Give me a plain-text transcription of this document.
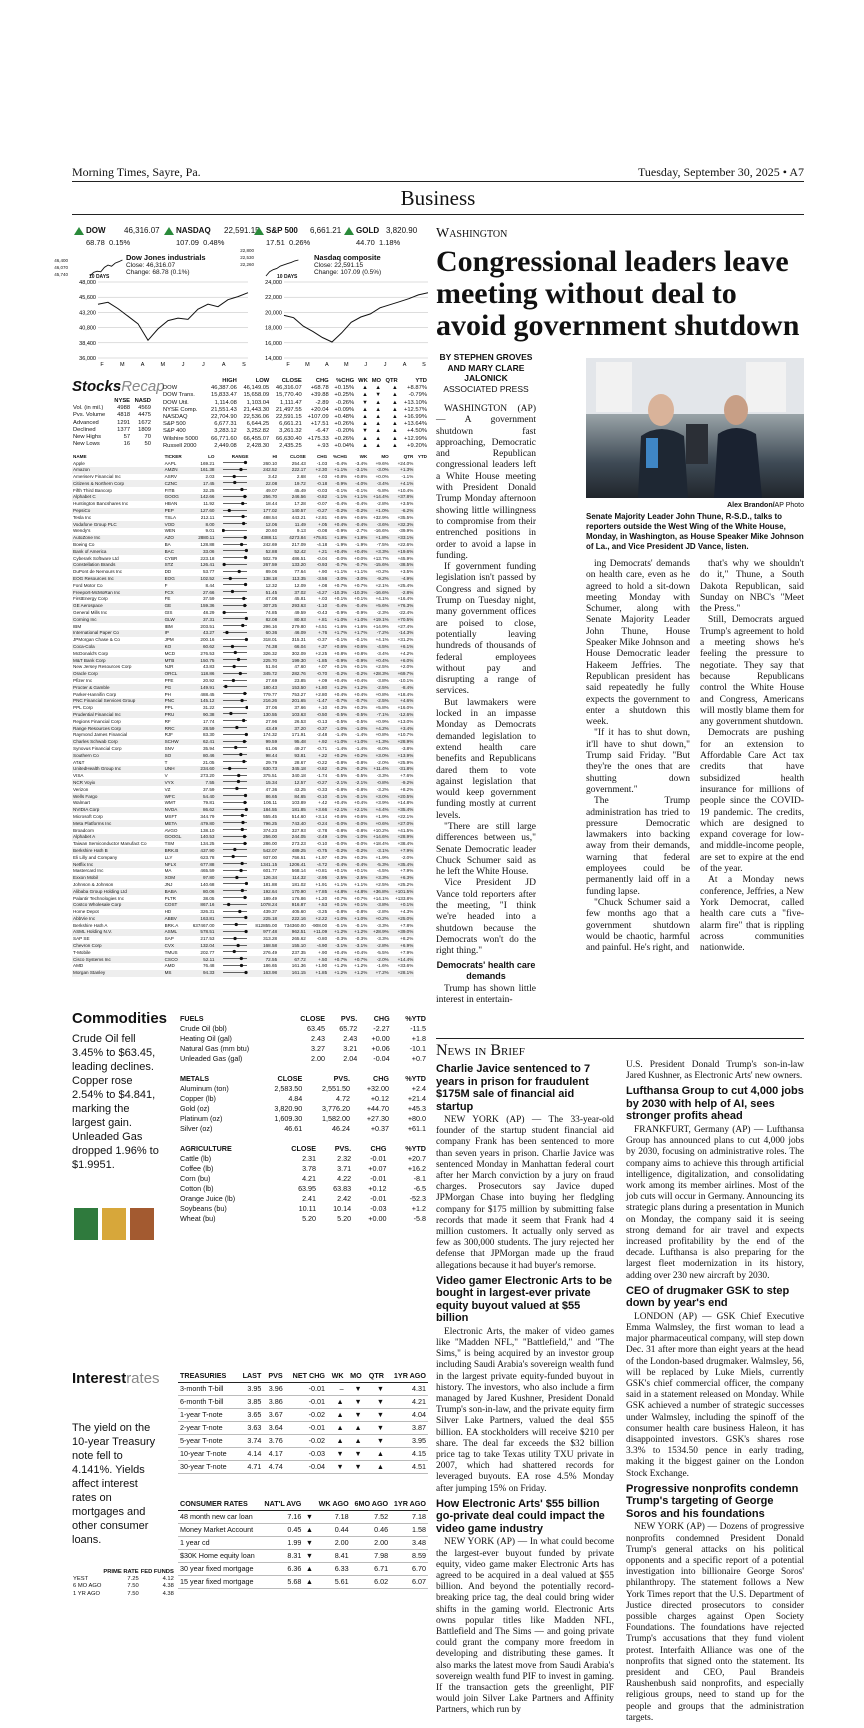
Morning Times, Sayre, Pa.	Tuesday, September 30, 2025 • A7
Business
DOW 46,316.07
68.78 0.15%
NASDAQ 22,591.15
107.09 0.48%
S&P 500 6,661.21
17.51 0.26%
GOLD 3,820.90
44.70 1.18%
48,000
45,600
43,200
40,800
38,400
36,000
F	M	A	M	J	J	A	S
24,000
22,000
20,000
18,000
16,000
14,000
F	M	A	M	J	J	A	S
Dow Jones industrials
Close: 46,316.07
Change: 68.78 (0.1%)
10 DAYS
46,400
46,070
45,740
Nasdaq composite
Close: 22,591.15
Change: 107.09 (0.5%)
10 DAYS
22,800
22,530
22,260
StocksRecap
	NYSE	NASD
Vol. (in mil.)	4988	4569
Pvs. Volume	4818	4475
Advanced	1291	1672
Declined	1377	1809
New Highs	57	70
New Lows	16	50
	HIGH	LOW	CLOSE	CHG	%CHG	WK	MO	QTR	YTD
DOW	46,387.06	46,149.05	46,316.07	+68.78	+0.15%	▲	▲	▲	+8.87%
DOW Trans.	15,833.47	15,658.09	15,770.40	+39.88	+0.25%	▲	▼	▲	-0.79%
DOW Util.	1,114.08	1,103.04	1,111.47	-2.89	-0.26%	▼	▲	▲	+13.10%
NYSE Comp.	21,551.43	21,443.30	21,497.55	+20.04	+0.09%	▲	▲	▲	+12.57%
NASDAQ	22,704.90	22,536.06	22,591.15	+107.09	+0.48%	▲	▲	▲	+16.99%
S&P 500	6,677.31	6,644.25	6,661.21	+17.51	+0.26%	▲	▲	▲	+13.64%
S&P 400	3,283.12	3,252.82	3,261.32	-6.47	-0.20%	▼	▲	▲	+4.50%
Wilshire 5000	66,771.60	66,455.07	66,630.40	+175.33	+0.26%	▲	▲	▲	+12.99%
Russell 2000	2,449.08	2,428.30	2,435.25	+.93	+0.04%	▲	▲	▲	+9.20%
NAME	TICKER	LO	RANGE	HI	CLOSE	CHG	%CHG	WK	MO	QTR	YTD
Apple	AAPL	169.21		260.10	254.43	-1.03	-0.4%	-3.4%	+9.6%	+24.0%	
Amazon	AMZN	161.38		242.52	222.17	+2.30	+1.1%	-3.1%	-3.0%	+1.3%	
Ameriserv Financial Inc	ASRV	2.03		3.42	2.68	+.03	+0.8%	+0.8%	+0.0%	-1.1%	
Citizens & Northern Corp	CZNC	17.45		22.08	19.72	-0.18	-0.9%	-4.0%	-3.4%	+4.1%	
Fifth Third Bancorp	FITB	32.25		49.07	45.49	-0.03	-0.1%	-0.1%	-5.8%	+10.4%	
Alphabet C	GOOG	142.66		256.70	246.56	-0.82	-1.1%	+1.1%	+14.4%	+37.8%	
Huntington Bancshares Inc	HBAN	11.92		18.44	17.28	-0.07	-0.4%	-0.4%	-2.8%	+3.5%	
PepsiCo	PEP	127.60		177.02	140.57	-0.27	-0.2%	-0.2%	+1.0%	-6.2%	
Tesla Inc	TSLA	212.11		488.54	443.21	+2.81	+0.6%	+0.6%	+32.9%	+35.5%	
Vodafone Group PLC	VOD	8.00		12.06	11.49	+.05	+0.4%	-0.4%	-3.6%	+32.3%	
Wendy's	WEN	9.01		20.60	9.13	-0.08	-0.9%	-2.7%	-16.6%	-39.9%	
AutoZone Inc	AZO	2880.11		4388.11	4273.84	+75.81	+1.8%	+1.8%	+1.8%	+33.1%	
Boeing Co	BA	128.88		242.69	217.09	-4.18	-1.9%	-1.9%	-7.5%	+22.6%	
Bank of America	BAC	33.06		52.88	52.42	+.21	+0.4%	+0.4%	+3.3%	+19.6%	
Cyberark Software Ltd	CYBR	223.18		502.79	486.51	-0.04	-0.0%	+0.0%	+13.7%	+45.9%	
Constellation Brands	STZ	126.41		267.59	133.20	-0.93	-0.7%	-0.7%	-15.6%	-38.5%	
DuPont de Nemours Inc	DD	53.77		89.06	77.64	+.90	+1.1%	+1.1%	+0.2%	+3.5%	
EOG Resources Inc	EOG	102.52		138.18	113.35	-3.56	-3.0%	-3.0%	-9.2%	-4.9%	
Ford Motor Co	F	8.44		12.32	12.09	+.08	+0.7%	+0.7%	+2.1%	+25.4%	
Freeport-McMoRan Inc	FCX	27.66		51.45	37.02	-4.27	-10.3%	-10.3%	-16.6%	-2.8%	
FirstEnergy Corp	FE	37.59		47.08	45.81	+.03	+0.1%	+0.1%	+4.1%	+16.4%	
GE Aerospace	GE	159.36		307.25	293.63	-1.10	-0.4%	-0.4%	+5.6%	+76.3%	
General Mills Inc	GIS	48.29		74.85	49.59	-0.43	-0.9%	-0.9%	-2.3%	-22.4%	
Corning Inc	GLW	37.31		82.08	80.93	+.81	+1.0%	+1.0%	+19.1%	+70.5%	
IBM	IBM	203.51		296.16	279.80	+4.51	+1.6%	+1.6%	+14.9%	+27.4%	
International Paper Co	IP	43.27		60.36	46.09	+.76	+1.7%	+1.7%	-7.2%	-14.3%	
JPMorgan Chase & Co	JPM	200.16		318.01	315.31	-0.37	-0.1%	-0.1%	+4.1%	+31.2%	
Coca-Cola	KO	60.62		74.38	66.04	+.37	+0.6%	+0.6%	-4.5%	+6.1%	
McDonald's Corp	MCD	276.53		326.32	302.09	+2.25	+0.8%	+0.8%	-3.4%	+4.2%	
M&T Bank Corp	MTB	150.75		225.70	199.30	-1.85	-0.9%	-0.9%	+0.4%	+6.0%	
New Jersey Resources Corp	NJR	43.83		51.94	47.60	+.07	+0.1%	+0.1%	+2.5%	+2.0%	
Oracle Corp	ORCL	118.86		345.72	282.76	-0.70	-0.2%	-0.2%	+28.3%	+69.7%	
Pfizer Inc	PFE	20.92		27.69	23.85	+.09	+0.4%	+0.4%	-3.8%	-10.1%	
Procter & Gamble	PG	149.91		180.43	153.50	+1.80	+1.2%	+1.2%	-2.5%	-8.4%	
Parker-Hannifin Corp	PH	488.45		779.77	753.27	+2.80	+0.4%	+0.4%	+0.8%	+18.4%	
PNC Financial Services Group	PNC	145.12		216.26	201.65	-1.47	-0.7%	-0.7%	-2.5%	+4.6%	
PPL Corp	PPL	31.22		37.06	37.66	+.10	+0.3%	+0.3%	+5.8%	+16.0%	
Prudential Financial Inc	PRU	90.38		130.55	103.63	-0.50	-0.5%	-0.5%	-7.1%	-12.6%	
Regions Financial Corp	RF	17.74		27.96	26.53	-0.13	-0.5%	-0.5%	+0.9%	+13.0%	
Range Resources Corp	RRC	28.59		43.49	37.20	-0.37	-1.0%	-1.0%	+4.2%	+3.4%	
Raymond James Financial	RJF	83.30		174.32	171.91	-2.48	-1.4%	-1.4%	+0.8%	+10.7%	
Charles Schwab Corp	SCHW	62.41		99.59	95.48	+.92	+1.0%	+1.0%	+1.3%	+28.9%	
Synovus Financial Corp	SNV	35.94		61.06	49.27	-0.71	-1.4%	-1.4%	-8.0%	-3.8%	
Southern Co	SO	80.46		98.44	93.81	+.22	+0.2%	+0.2%	+3.0%	+13.9%	
AT&T	T	21.05		29.79	28.67	-0.22	-0.8%	-0.8%	-2.0%	+25.9%	
UnitedHealth Group Inc	UNH	234.60		630.73	345.18	-0.82	-0.2%	-0.2%	+11.4%	-31.8%	
VISA	V	273.20		375.51	340.18	-1.74	-0.5%	-0.5%	-3.3%	+7.6%	
NCR Voyix	VYX	7.55		15.34	12.57	-0.27	-2.1%	-2.1%	-0.8%	-9.2%	
Verizon	VZ	37.59		47.36	43.25	-0.33	-0.8%	-0.8%	-3.2%	+8.2%	
Wells Fargo	WFC	54.40		86.65	84.65	-0.10	-0.1%	-0.1%	+3.0%	+20.5%	
Walmart	WMT	79.81		106.11	103.89	+.42	+0.4%	+0.4%	+3.9%	+14.8%	
NVIDIA Corp	NVDA	86.62		184.55	181.85	+3.66	+2.1%	+2.1%	+4.4%	+35.4%	
Microsoft Corp	MSFT	344.79		555.45	514.60	+3.14	+0.6%	+0.6%	+1.9%	+22.1%	
Meta Platforms Inc	META	479.80		796.25	743.40	-0.24	-0.0%	-0.0%	+0.6%	+27.0%	
Broadcom	AVGO	138.10		374.23	327.93	-2.78	-0.8%	-0.8%	+10.2%	+41.5%	
Alphabet A	GOOGL	140.53		256.00	244.05	-2.49	-1.0%	-1.0%	+14.6%	+28.9%	
Taiwan Semiconductor Manufact Co	TSM	134.25		286.00	273.23	-0.10	-0.0%	-0.0%	+18.4%	+38.4%	
Berkshire Hath B	BRK.B	437.90		542.07	489.25	-0.75	-0.2%	-0.2%	-3.1%	+7.9%	
Eli Lilly and Company	LLY	623.78		937.00	756.51	+1.97	+0.3%	+0.3%	+1.9%	-2.0%	
Netflix Inc	NFLX	677.88		1341.15	1206.41	-4.72	-0.4%	-0.4%	-5.3%	+35.4%	
Mastercard Inc	MA	465.59		601.77	568.14	+0.81	+0.1%	+0.1%	-4.5%	+7.9%	
Exxon Mobil	XOM	97.80		126.34	114.32	-2.95	-2.5%	-2.5%	+3.3%	+6.3%	
Johnson & Johnson	JNJ	140.68		181.88	181.02	+1.91	+1.1%	+1.1%	+2.5%	+25.2%	
Alibaba Group Holding Ltd	BABA	80.06		192.64	170.90	+7.85	+4.8%	+4.8%	+36.8%	+101.5%	
Palantir Technologies Inc	PLTR	38.05		189.49	176.86	+1.20	+0.7%	+0.7%	+14.1%	+133.8%	
Costco Wholesale Corp	COST	867.16		1078.24	916.87	+.53	+0.1%	+0.1%	-3.8%	+0.1%	
Home Depot	HD	326.31		439.37	405.60	-3.25	-0.8%	-0.8%	-2.8%	+4.3%	
AbbVie Inc	ABBV	163.81		225.18	222.16	+2.22	+1.0%	+1.0%	+0.2%	+25.0%	
Berkshire Hath A	BRK.A	637467.00		812855.00	734360.00	-908.00	-0.1%	-0.1%	-3.3%	+7.8%	
ASML Holding N.V.	ASML	578.51		977.48	962.51	+11.09	+1.2%	+1.2%	+28.9%	+39.0%	
SAP SE	SAP	217.53		313.28	265.62	-0.80	-0.3%	-0.3%	-3.3%	+8.2%	
Chevron Corp	CVX	132.04		168.58	155.10	-4.90	-3.1%	-3.1%	-2.8%	+6.9%	
T-Mobile	TMUS	202.77		276.49	237.35	+.90	+0.4%	+0.4%	-5.5%	+7.9%	
Cisco Systems Inc	CSCO	52.11		72.55	67.72	+.50	+0.7%	+0.7%	-2.0%	+14.4%	
AMD	AMD	76.48		186.65	161.36	+1.90	+1.2%	+1.2%	-1.6%	+33.6%	
Morgan Stanley	MS	94.33		163.98	161.15	+1.85	+1.2%	+1.2%	+7.2%	+28.1%	
Commodities
Crude Oil fell 3.45% to $63.45, leading declines. Copper rose 2.54% to $4.841, marking the largest gain. Unleaded Gas dropped 1.96% to $1.9951.
FUELS	CLOSE	PVS.	CHG	%YTD
Crude Oil (bbl)	63.45	65.72	-2.27	-11.5
Heating Oil (gal)	2.43	2.43	+0.00	+1.8
Natural Gas (mm btu)	3.27	3.21	+0.06	-10.1
Unleaded Gas (gal)	2.00	2.04	-0.04	+0.7
METALS	CLOSE	PVS.	CHG	%YTD
Aluminum (ton)	2,583.50	2,551.50	+32.00	+2.4
Copper (lb)	4.84	4.72	+0.12	+21.4
Gold (oz)	3,820.90	3,776.20	+44.70	+45.3
Platinum (oz)	1,609.30	1,582.00	+27.30	+80.0
Silver (oz)	46.61	46.24	+0.37	+61.1
AGRICULTURE	CLOSE	PVS.	CHG	%YTD
Cattle (lb)	2.31	2.32	-0.01	+20.7
Coffee (lb)	3.78	3.71	+0.07	+16.2
Corn (bu)	4.21	4.22	-0.01	-8.1
Cotton (lb)	63.95	63.83	+0.12	-6.5
Orange Juice (lb)	2.41	2.42	-0.01	-52.3
Soybeans (bu)	10.11	10.14	-0.03	+1.2
Wheat (bu)	5.20	5.20	+0.00	-5.8
Interestrates
The yield on the 10-year Treasury note fell to 4.141%. Yields affect interest rates on mortgages and other consumer loans.
	PRIME RATE	FED FUNDS
YEST	7.25	4.12
6 MO AGO	7.50	4.38
1 YR AGO	7.50	4.38
TREASURIES	LAST	PVS	NET CHG	WK	MO	QTR	1YR AGO
3-month T-bill	3.95	3.96	-0.01	–	▼	▼	4.31
6-month T-bill	3.85	3.86	-0.01	▲	▼	▼	4.21
1-year T-note	3.65	3.67	-0.02	▲	▼	▼	4.04
2-year T-note	3.63	3.64	-0.01	▲	▲	▼	3.87
5-year T-note	3.74	3.76	-0.02	▲	▲	▼	3.95
10-year T-note	4.14	4.17	-0.03	▼	▼	▲	4.15
30-year T-note	4.71	4.74	-0.04	▼	▼	▲	4.51
CONSUMER RATES	NAT'L AVG		WK AGO	6MO AGO	1YR AGO
48 month new car loan	7.16	▼	7.18	7.52	7.18
Money Market Account	0.45	▲	0.44	0.46	1.58
1 year cd	1.99	▼	2.00	2.00	3.48
$30K Home equity loan	8.31	▼	8.41	7.98	8.59
30 year fixed mortgage	6.36	▲	6.33	6.71	6.70
15 year fixed mortgage	5.68	▲	5.61	6.02	6.07
Washington
Congressional leaders leave meeting without deal to avoid government shutdown
BY STEPHEN GROVES AND MARY CLARE JALONICK
ASSOCIATED PRESS

WASHINGTON (AP) — A government shutdown fast approaching, Democratic and Republican congressional leaders left a White House meeting with President Donald Trump Monday afternoon showing little willingness to compromise from their entrenched positions in order to avoid a lapse in funding.

If government funding legislation isn't passed by Congress and signed by Trump on Tuesday night, many government offices are poised to close, potentially leaving hundreds of thousands of federal employees without pay and disrupting a range of services.

But lawmakers were locked in an impasse Monday as Democrats demanded legislation to extend health care benefits and Republicans dared them to vote against legislation that would keep government funding mostly at current levels.

"There are still large differences between us," Senate Democratic leader Chuck Schumer said as he left the White House.

Vice President JD Vance told reporters after the meeting, "I think we're headed into a shutdown because the Democrats won't do the right thing."

Democrats' health care demands

Trump has shown little interest in entertain-

Alex Brandon/AP Photo
Senate Majority Leader John Thune, R-S.D., talks to reporters outside the West Wing of the White House, Monday, in Washington, as House Speaker Mike Johnson of La., and Vice President JD Vance, listen.

ing Democrats' demands on health care, even as he agreed to hold a sit-down meeting Monday with Schumer, along with Senate Majority Leader John Thune, House Speaker Mike Johnson and House Democratic leader Hakeem Jeffries. The Republican president has said repeatedly he fully expects the government to enter a shutdown this week.

"If it has to shut down, it'll have to shut down," Trump said Friday. "But they're the ones that are shutting down government."

The Trump administration has tried to pressure Democratic lawmakers into backing away from their demands, warning that federal employees could be permanently laid off in a funding lapse.

"Chuck Schumer said a few months ago that a government shutdown would be chaotic, harmful and painful. He's right, and

that's why we shouldn't do it," Thune, a South Dakota Republican, said Sunday on NBC's "Meet the Press."

Still, Democrats argued Trump's agreement to hold a meeting shows he's feeling the pressure to negotiate. They say that because Republicans control the White House and Congress, Americans will mostly blame them for any government shutdown.

Democrats are pushing for an extension to Affordable Care Act tax credits that have subsidized health insurance for millions of people since the COVID-19 pandemic. The credits, which are designed to expand coverage for low- and middle-income people, are set to expire at the end of the year.

At a Monday news conference, Jeffries, a New York Democrat, called health care cuts a "five-alarm fire" that is rippling across communities nationwide.

News in Brief
Charlie Javice sentenced to 7 years in prison for fraudulent $175M sale of financial aid startup

NEW YORK (AP) — The 33-year-old founder of the startup student financial aid company Frank has been sentenced to more than seven years in prison. Charlie Javice was sentenced Monday in Manhattan federal court after her March conviction by a jury on fraud charges. Prosecutors say Javice duped JPMorgan Chase into buying her fledgling company for $175 million by submitting false records that made it seem that Frank had 4 million customers. It actually only served as few as 300,000 students. The jury rejected her defense that JPMorgan made up the fraud allegations because it had buyer's remorse.

Video gamer Electronic Arts to be bought in largest-ever private equity buyout valued at $55 billion

Electronic Arts, the maker of video games like "Madden NFL," "Battlefield," and "The Sims," is being acquired by an investor group including Saudi Arabia's sovereign wealth fund in the largest private equity-funded buyout in history. The investors, who also include a firm managed by Jared Kushner, President Donald Trump's son-in-law, and the private equity firm Silver Lake Partners, valued the deal $55 billion. EA stockholders will receive $210 per share. The deal far exceeds the $32 billion price tag to take Texas utility TXU private in 2007, which had shattered records for leveraged buyouts. EA rose 4.5% Monday after jumping 15% on Friday.

How Electronic Arts' $55 billion go-private deal could impact the video game industry

NEW YORK (AP) — In what could become the largest-ever buyout funded by private equity, video game maker Electronic Arts has agreed to be acquired in a deal valued at $55 billion. And beyond the potentially record-breaking price tag, the deal could bring wider shifts in the gaming world. Electronic Arts owns popular titles like Madden NFL, Battlefield and The Sims — and going private could grant the company more freedom in developing and distributing these games. It also marks the latest move from Saudi Arabia's sovereign wealth fund PIF to invest in gaming. If the transaction gets the greenlight, PIF would join Silver Lake Partners and Affinity Partners, which run by

U.S. President Donald Trump's son-in-law Jared Kushner, as Electronic Arts' new owners.

Lufthansa Group to cut 4,000 jobs by 2030 with help of AI, sees stronger profits ahead

FRANKFURT, Germany (AP) — Lufthansa Group has announced plans to cut 4,000 jobs by 2030, focusing on administrative roles. The company aims to achieve this through artificial intelligence, digitalization, and consolidating work among its member airlines. Most of the job cuts will occur in Germany. Announcing its strategic plans during a presentation in Munich on Monday, the company said it is seeing strong demand for air travel and expects increased profitability by the end of the decade. Lufthansa is also preparing for the largest fleet modernization in its history, adding over 230 new aircraft by 2030.

CEO of drugmaker GSK to step down by year's end

LONDON (AP) — GSK Chief Executive Emma Walmsley, the first woman to lead a major pharmaceutical company, will step down Dec. 31 after more than eight years at the head of the London-based drugmaker. Walmsley, 56, will be replaced by Luke Miels, currently GSK's chief commercial officer, the company said in a statement released on Monday. While GSK achieved a number of strategic successes under Walmsley, including the spinoff of the consumer health care business Haleon, it has disappointed investors. GSK's shares rose 3.3% to 1534.50 pence in early trading, making it the biggest gainer on the London Stock Exchange.

Progressive nonprofits condemn Trump's targeting of George Soros and his foundations

NEW YORK (AP) — Dozens of progressive nonprofits condemned President Donald Trump's general attacks on his political opponents and a specific report of a potential investigation into billionaire George Soros' philanthropy. The statement follows a New York Times report that the U.S. Department of Justice directed prosecutors to consider possible charges against Open Society Foundations. The foundations have rejected Trump's accusations that they fund violent protest. Interfaith Alliance was one of the nonprofits that signed onto the statement. Its president and CEO, Paul Brandeis Raushenbush said nonprofits, and especially religious groups, need to stand up for the people and groups that the administration targets.
